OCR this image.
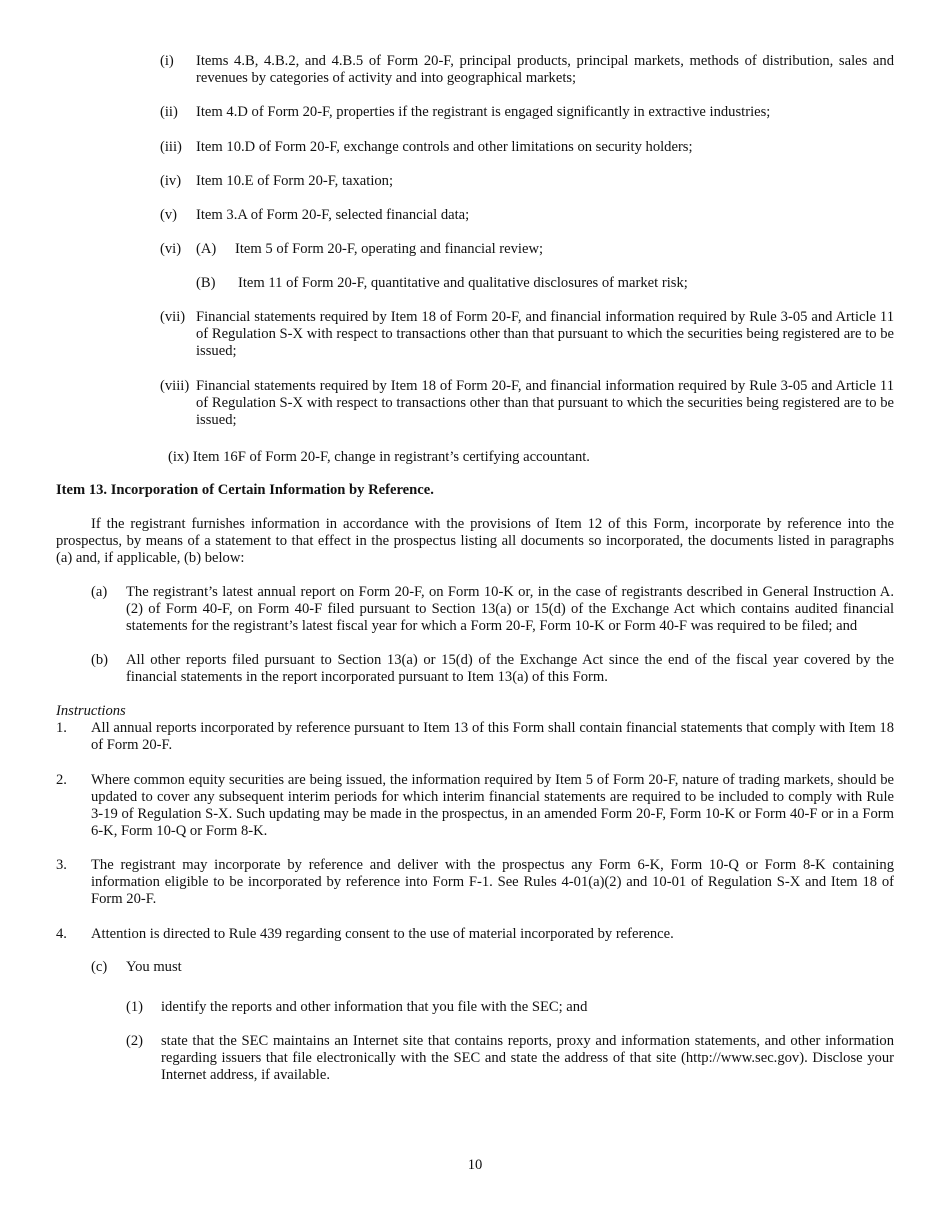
(i) Items 4.B, 4.B.2, and 4.B.5 of Form 20-F, principal products, principal markets, methods of distribution, sales and revenues by categories of activity and into geographical markets;
(ii) Item 4.D of Form 20-F, properties if the registrant is engaged significantly in extractive industries;
(iii) Item 10.D of Form 20-F, exchange controls and other limitations on security holders;
(iv) Item 10.E of Form 20-F, taxation;
(v) Item 3.A of Form 20-F, selected financial data;
(vi) (A) Item 5 of Form 20-F, operating and financial review;
(B) Item 11 of Form 20-F, quantitative and qualitative disclosures of market risk;
(vii) Financial statements required by Item 18 of Form 20-F, and financial information required by Rule 3-05 and Article 11 of Regulation S-X with respect to transactions other than that pursuant to which the securities being registered are to be issued;
(viii) Financial statements required by Item 18 of Form 20-F, and financial information required by Rule 3-05 and Article 11 of Regulation S-X with respect to transactions other than that pursuant to which the securities being registered are to be issued;
(ix) Item 16F of Form 20-F, change in registrant’s certifying accountant.
Item 13. Incorporation of Certain Information by Reference.
If the registrant furnishes information in accordance with the provisions of Item 12 of this Form, incorporate by reference into the prospectus, by means of a statement to that effect in the prospectus listing all documents so incorporated, the documents listed in paragraphs (a) and, if applicable, (b) below:
(a) The registrant’s latest annual report on Form 20-F, on Form 10-K or, in the case of registrants described in General Instruction A.(2) of Form 40-F, on Form 40-F filed pursuant to Section 13(a) or 15(d) of the Exchange Act which contains audited financial statements for the registrant’s latest fiscal year for which a Form 20-F, Form 10-K or Form 40-F was required to be filed; and
(b) All other reports filed pursuant to Section 13(a) or 15(d) of the Exchange Act since the end of the fiscal year covered by the financial statements in the report incorporated pursuant to Item 13(a) of this Form.
Instructions
1. All annual reports incorporated by reference pursuant to Item 13 of this Form shall contain financial statements that comply with Item 18 of Form 20-F.
2. Where common equity securities are being issued, the information required by Item 5 of Form 20-F, nature of trading markets, should be updated to cover any subsequent interim periods for which interim financial statements are required to be included to comply with Rule 3-19 of Regulation S-X. Such updating may be made in the prospectus, in an amended Form 20-F, Form 10-K or Form 40-F or in a Form 6-K, Form 10-Q or Form 8-K.
3. The registrant may incorporate by reference and deliver with the prospectus any Form 6-K, Form 10-Q or Form 8-K containing information eligible to be incorporated by reference into Form F-1. See Rules 4-01(a)(2) and 10-01 of Regulation S-X and Item 18 of Form 20-F.
4. Attention is directed to Rule 439 regarding consent to the use of material incorporated by reference.
(c) You must
(1) identify the reports and other information that you file with the SEC; and
(2) state that the SEC maintains an Internet site that contains reports, proxy and information statements, and other information regarding issuers that file electronically with the SEC and state the address of that site (http://www.sec.gov). Disclose your Internet address, if available.
10
